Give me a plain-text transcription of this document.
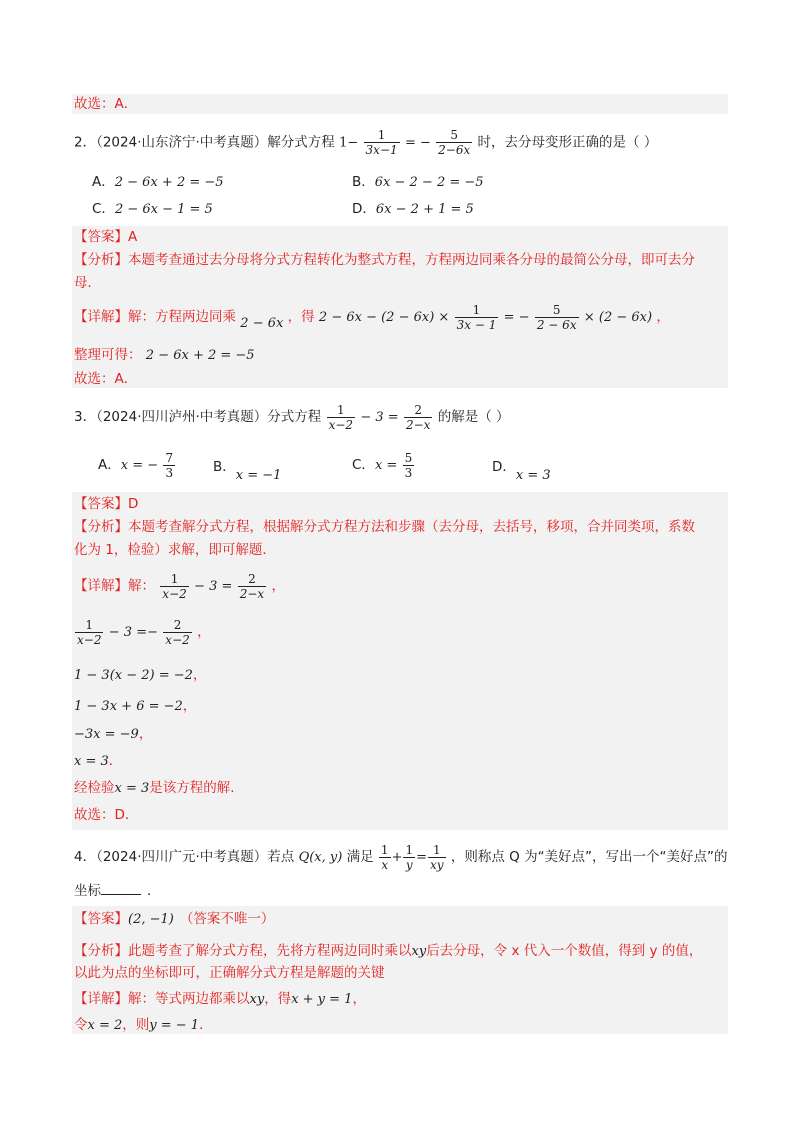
故选：A．
2．（2024·山东济宁·中考真题）解分式方程 $1- \frac{1}{3x-1}$ = − $\frac{5}{2-6x}$ 时，去分母变形正确的是（ ）
A．2 − 6x + 2 = −5	B．6x − 2 − 2 = −5
C．2 − 6x − 1 = 5	D．6x − 2 + 1 = 5
【答案】A
【分析】本题考查通过去分母将分式方程转化为整式方程，方程两边同乘各分母的最简公分母，即可去分
母．
【详解】解：方程两边同乘 2 − 6x ，得 $2 - 6x - (2 - 6x) \times \frac{1}{3x - 1}$ = − $\frac{5}{2 - 6x} \times (2 - 6x)$ ，
整理可得： 2 − 6x + 2 = −5
故选：A．
3．（2024·四川泸州·中考真题）分式方程 $\frac{1}{x-2} - 3 = \frac{2}{2-x}$ 的解是（ ）
A．x = − $\frac{7}{3}$	B．x = −1
C．$x = \frac{5}{3}$	D．x = 3
【答案】D
【分析】本题考查解分式方程，根据解分式方程方法和步骤（去分母，去括号，移项，合并同类项，系数
化为 1，检验）求解，即可解题．
【详解】解： $\frac{1}{x-2} - 3 = \frac{2}{2-x}$ ，
$\frac{1}{x-2} - 3 =- \frac{2}{x-2}$ ，
1 − 3(x − 2) = −2，
1 − 3x + 6 = −2，
−3x = −9，
x = 3．
经检验x = 3是该方程的解.
故选：D．
4．（2024·四川广元·中考真题）若点 Q(x, y) 满足 $\frac{1}{x} + \frac{1}{y} = \frac{1}{xy}$ ，则称点 Q 为“美好点”，写出一个“美好点”的
坐标	．
【答案】(2, −1) （答案不唯一）
【分析】此题考查了解分式方程，先将方程两边同时乘以xy后去分母，令 x 代入一个数值，得到 y 的值，
以此为点的坐标即可，正确解分式方程是解题的关键
【详解】解：等式两边都乘以xy，得x + y = 1，
令x = 2，则y = − 1．
